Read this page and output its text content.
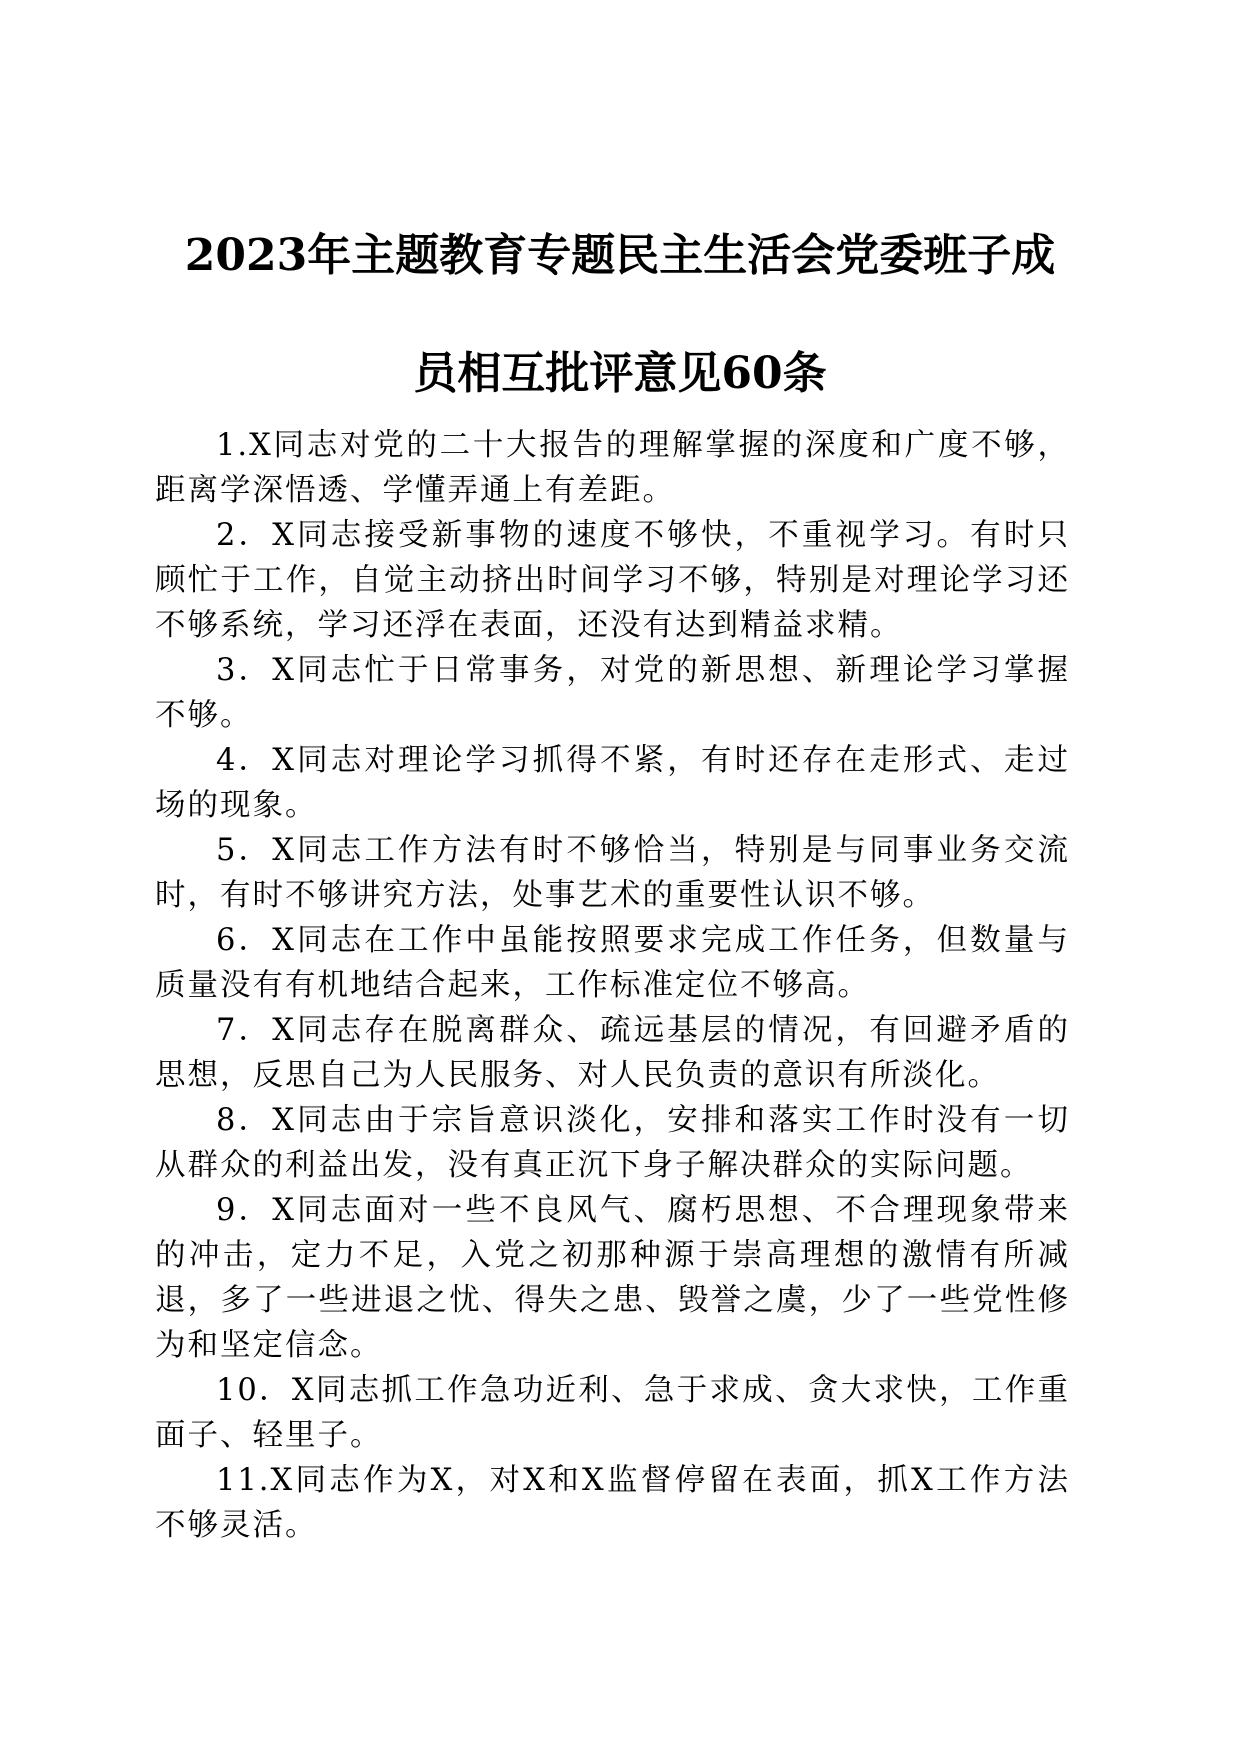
2023年主题教育专题民主生活会党委班子成
员相互批评意见60条

1.X同志对党的二十大报告的理解掌握的深度和广度不够，距离学深悟透、学懂弄通上有差距。

2．X同志接受新事物的速度不够快，不重视学习。有时只顾忙于工作，自觉主动挤出时间学习不够，特别是对理论学习还不够系统，学习还浮在表面，还没有达到精益求精。

3．X同志忙于日常事务，对党的新思想、新理论学习掌握不够。

4．X同志对理论学习抓得不紧，有时还存在走形式、走过场的现象。

5．X同志工作方法有时不够恰当，特别是与同事业务交流时，有时不够讲究方法，处事艺术的重要性认识不够。

6．X同志在工作中虽能按照要求完成工作任务，但数量与质量没有有机地结合起来，工作标准定位不够高。

7．X同志存在脱离群众、疏远基层的情况，有回避矛盾的思想，反思自己为人民服务、对人民负责的意识有所淡化。

8．X同志由于宗旨意识淡化，安排和落实工作时没有一切从群众的利益出发，没有真正沉下身子解决群众的实际问题。

9．X同志面对一些不良风气、腐朽思想、不合理现象带来的冲击，定力不足，入党之初那种源于崇高理想的激情有所减退，多了一些进退之忧、得失之患、毁誉之虞，少了一些党性修为和坚定信念。

10．X同志抓工作急功近利、急于求成、贪大求快，工作重面子、轻里子。

11.X同志作为X，对X和X监督停留在表面，抓X工作方法不够灵活。
